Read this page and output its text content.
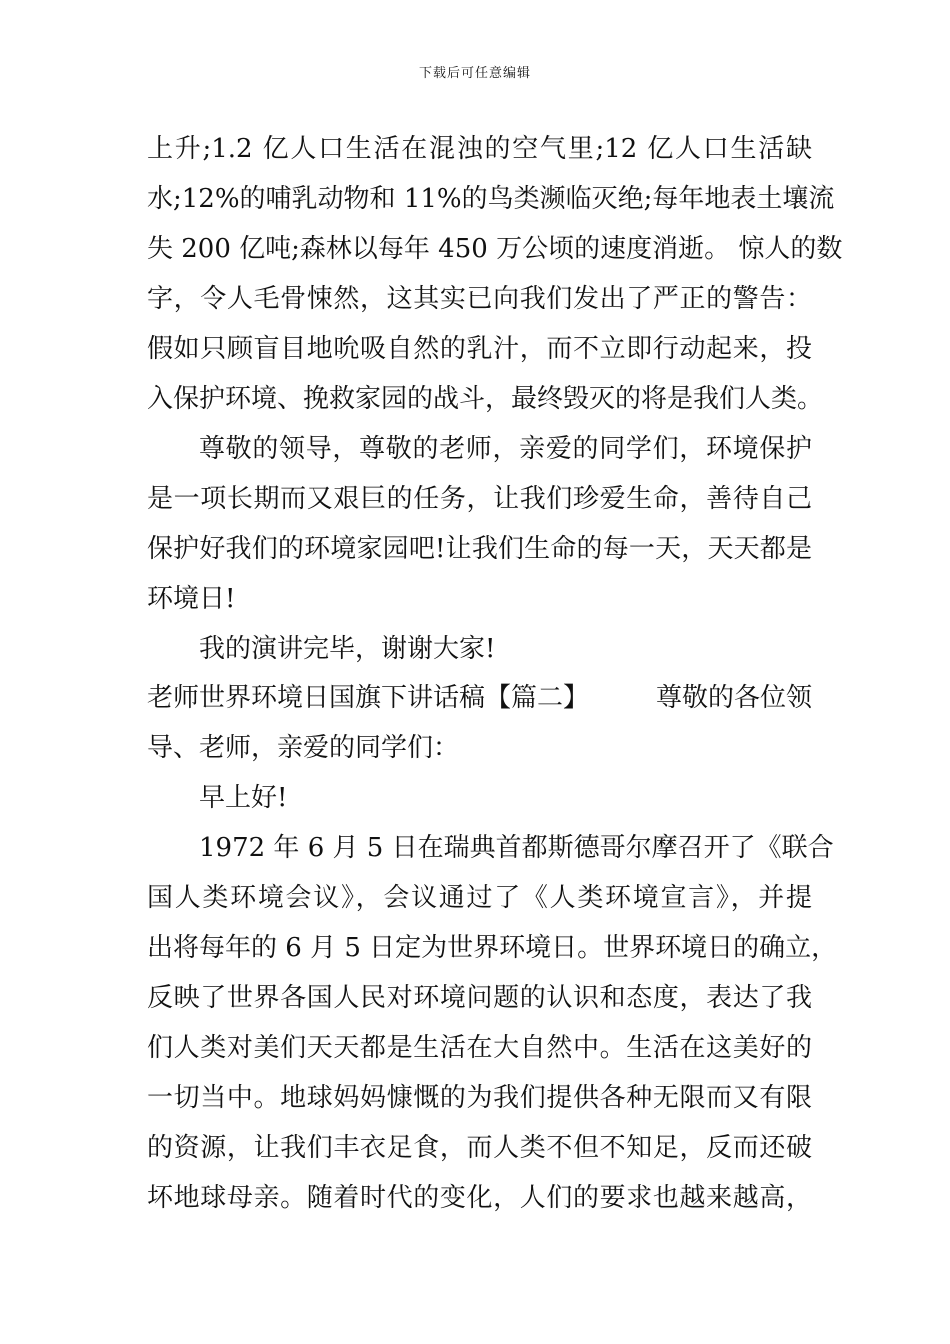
下载后可任意编辑
上升;1.2 亿人口生活在混浊的空气里;12 亿人口生活缺
水;12%的哺乳动物和 11%的鸟类濒临灭绝;每年地表土壤流
失 200 亿吨;森林以每年 450 万公顷的速度消逝。 惊人的数
字，令人毛骨悚然，这其实已向我们发出了严正的警告：
假如只顾盲目地吮吸自然的乳汁，而不立即行动起来，投
入保护环境、挽救家园的战斗，最终毁灭的将是我们人类。
尊敬的领导，尊敬的老师，亲爱的同学们，环境保护
是一项长期而又艰巨的任务，让我们珍爱生命，善待自己
保护好我们的环境家园吧!让我们生命的每一天，天天都是
环境日!
我的演讲完毕，谢谢大家!
老师世界环境日国旗下讲话稿【篇二】	尊敬的各位领
导、老师，亲爱的同学们：
早上好!
1972 年 6 月 5 日在瑞典首都斯德哥尔摩召开了《联合
国人类环境会议》，会议通过了《人类环境宣言》，并提
出将每年的 6 月 5 日定为世界环境日。世界环境日的确立，
反映了世界各国人民对环境问题的认识和态度，表达了我
们人类对美们天天都是生活在大自然中。生活在这美好的
一切当中。地球妈妈慷慨的为我们提供各种无限而又有限
的资源，让我们丰衣足食，而人类不但不知足，反而还破
坏地球母亲。随着时代的变化，人们的要求也越来越高，
